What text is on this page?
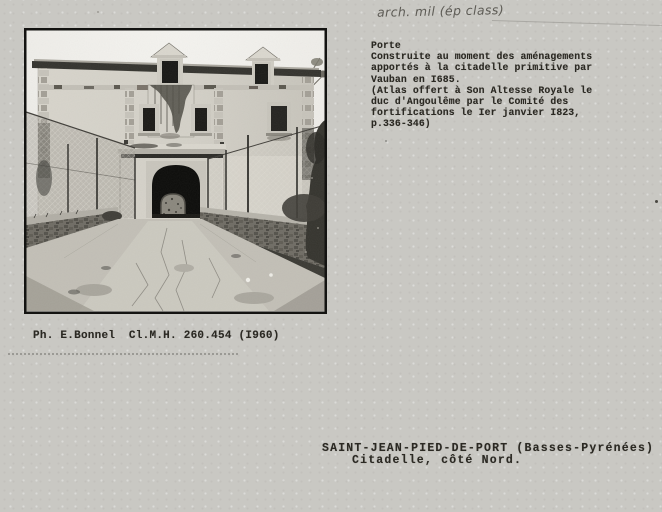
arch. mil (ép class)
Porte
Construite au moment des aménagements
apportés à la citadelle primitive par
Vauban en I685.
(Atlas offert à Son Altesse Royale le
duc d'Angoulême par le Comité des
fortifications le Ier janvier I823,
p.336-346)
Ph. E.Bonnel  Cl.M.H. 260.454 (I960)
SAINT-JEAN-PIED-DE-PORT (Basses-Pyrénées)
Citadelle, côté Nord.
